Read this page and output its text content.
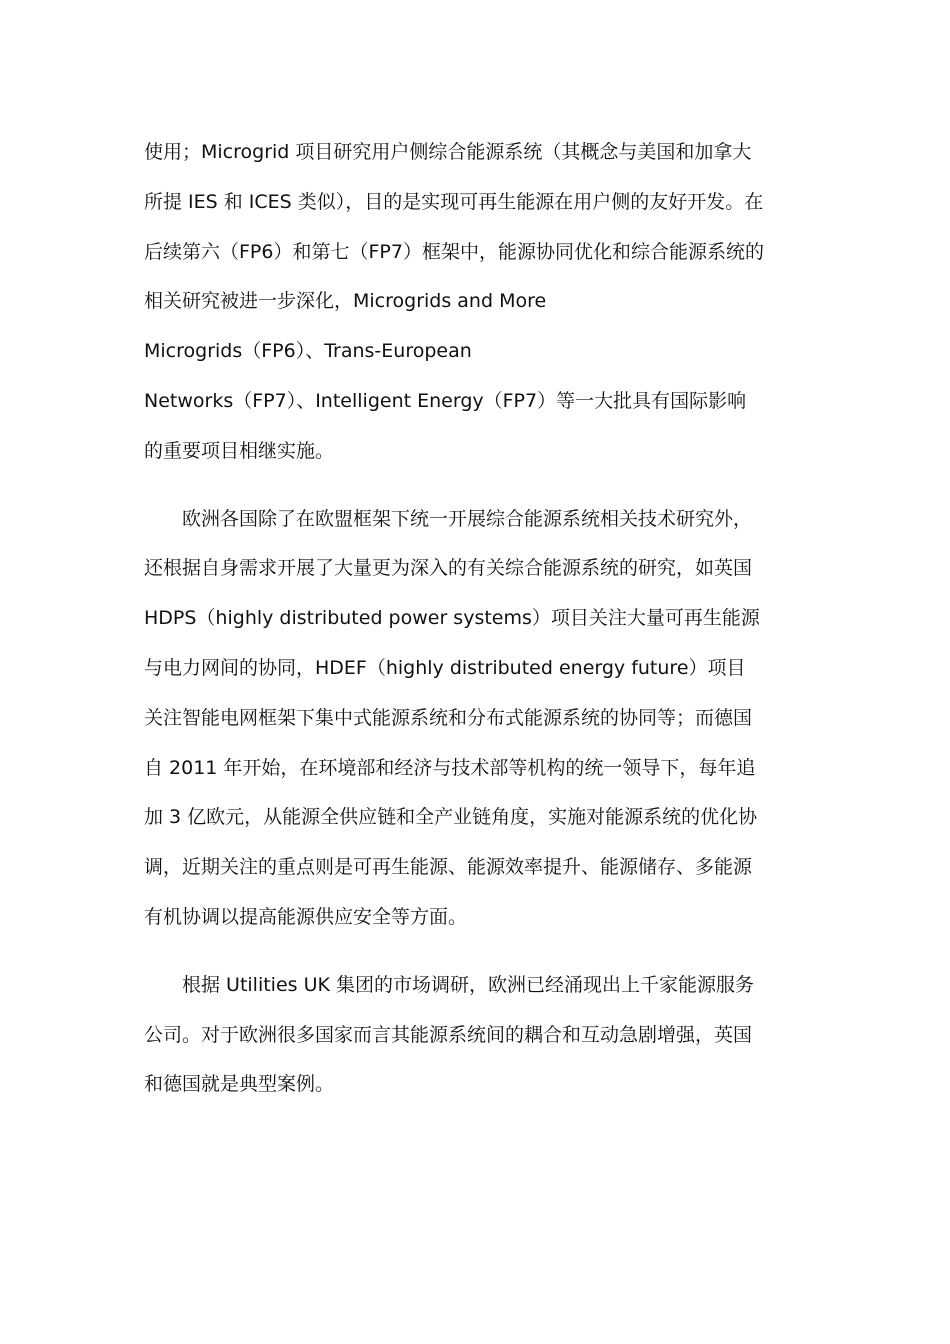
使用；Microgrid 项目研究用户侧综合能源系统（其概念与美国和加拿大
所提 IES 和 ICES 类似），目的是实现可再生能源在用户侧的友好开发。在
后续第六（FP6）和第七（FP7）框架中，能源协同优化和综合能源系统的
相关研究被进一步深化，Microgrids and More
Microgrids（FP6）、Trans-European
Networks（FP7）、Intelligent Energy（FP7）等一大批具有国际影响
的重要项目相继实施。
欧洲各国除了在欧盟框架下统一开展综合能源系统相关技术研究外，
还根据自身需求开展了大量更为深入的有关综合能源系统的研究，如英国
HDPS（highly distributed power systems）项目关注大量可再生能源
与电力网间的协同，HDEF（highly distributed energy future）项目
关注智能电网框架下集中式能源系统和分布式能源系统的协同等；而德国
自 2011 年开始，在环境部和经济与技术部等机构的统一领导下，每年追
加 3 亿欧元，从能源全供应链和全产业链角度，实施对能源系统的优化协
调，近期关注的重点则是可再生能源、能源效率提升、能源储存、多能源
有机协调以提高能源供应安全等方面。
根据 Utilities UK 集团的市场调研，欧洲已经涌现出上千家能源服务
公司。对于欧洲很多国家而言其能源系统间的耦合和互动急剧增强，英国
和德国就是典型案例。
